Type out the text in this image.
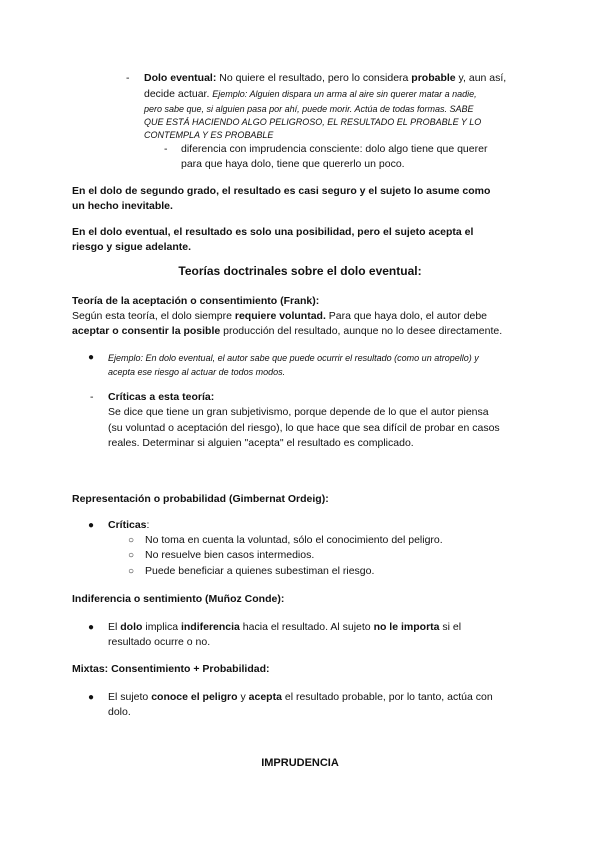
- Dolo eventual: No quiere el resultado, pero lo considera probable y, aun así,
decide actuar. Ejemplo: Alguien dispara un arma al aire sin querer matar a nadie,
pero sabe que, si alguien pasa por ahí, puede morir. Actúa de todas formas. SABE
QUE ESTÁ HACIENDO ALGO PELIGROSO, EL RESULTADO EL PROBABLE Y LO
CONTEMPLA Y ES PROBABLE
- diferencia con imprudencia consciente: dolo algo tiene que querer
para que haya dolo, tiene que quererlo un poco.
En el dolo de segundo grado, el resultado es casi seguro y el sujeto lo asume como
un hecho inevitable.
En el dolo eventual, el resultado es solo una posibilidad, pero el sujeto acepta el
riesgo y sigue adelante.
Teorías doctrinales sobre el dolo eventual:
Teoría de la aceptación o consentimiento (Frank):
Según esta teoría, el dolo siempre requiere voluntad. Para que haya dolo, el autor debe
aceptar o consentir la posible producción del resultado, aunque no lo desee directamente.
● Ejemplo: En dolo eventual, el autor sabe que puede ocurrir el resultado (como un atropello) y
acepta ese riesgo al actuar de todos modos.
- Críticas a esta teoría:
Se dice que tiene un gran subjetivismo, porque depende de lo que el autor piensa
(su voluntad o aceptación del riesgo), lo que hace que sea difícil de probar en casos
reales. Determinar si alguien "acepta" el resultado es complicado.
Representación o probabilidad (Gimbernat Ordeig):
● Críticas:
○ No toma en cuenta la voluntad, sólo el conocimiento del peligro.
○ No resuelve bien casos intermedios.
○ Puede beneficiar a quienes subestiman el riesgo.
Indiferencia o sentimiento (Muñoz Conde):
● El dolo implica indiferencia hacia el resultado. Al sujeto no le importa si el
resultado ocurre o no.
Mixtas: Consentimiento + Probabilidad:
● El sujeto conoce el peligro y acepta el resultado probable, por lo tanto, actúa con
dolo.
IMPRUDENCIA
